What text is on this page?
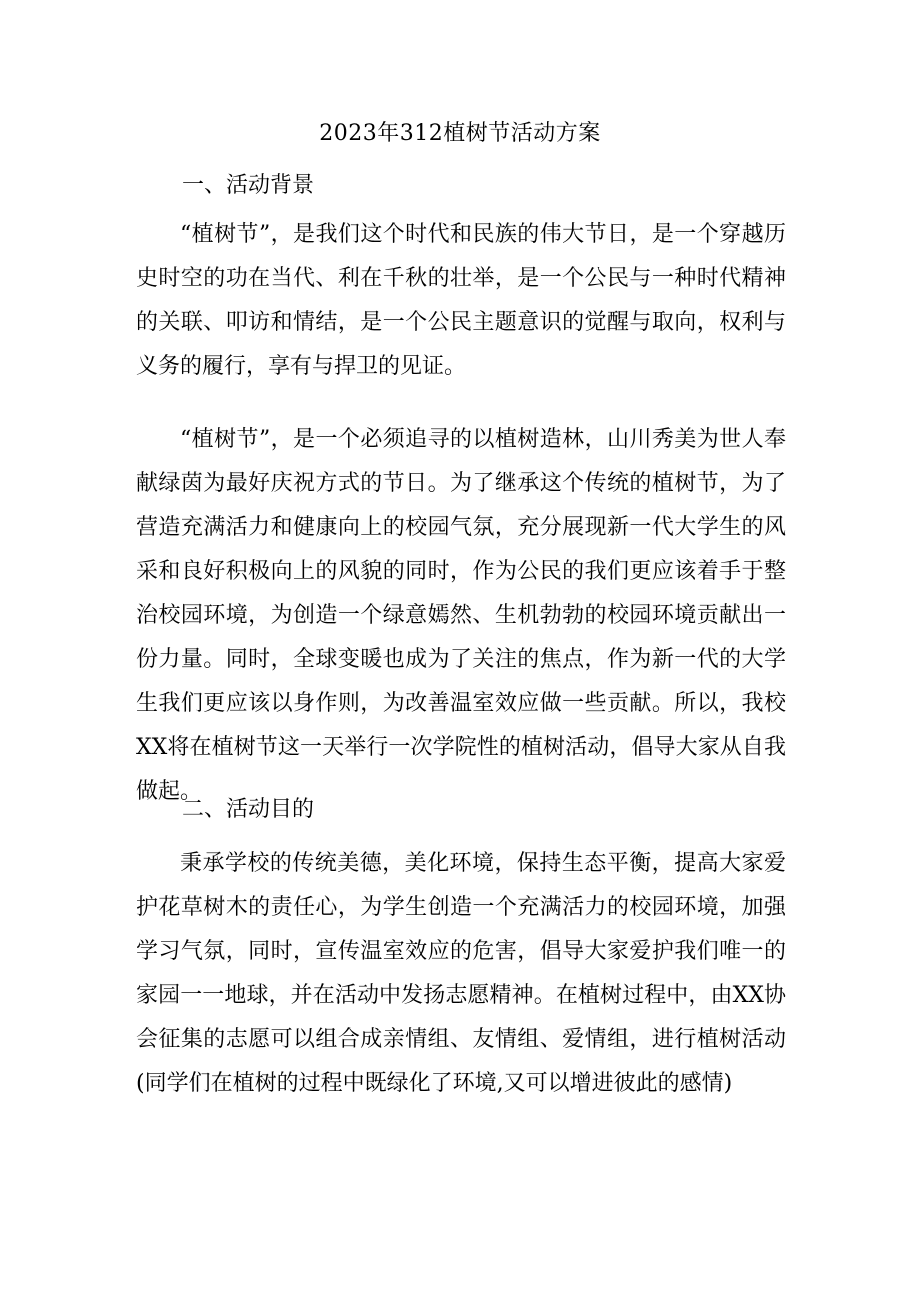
2023年312植树节活动方案
一、活动背景

“植树节”，是我们这个时代和民族的伟大节日，是一个穿越历史时空的功在当代、利在千秋的壮举，是一个公民与一种时代精神的关联、叩访和情结，是一个公民主题意识的觉醒与取向，权利与义务的履行，享有与捍卫的见证。

“植树节”，是一个必须追寻的以植树造林，山川秀美为世人奉献绿茵为最好庆祝方式的节日。为了继承这个传统的植树节，为了营造充满活力和健康向上的校园气氛，充分展现新一代大学生的风采和良好积极向上的风貌的同时，作为公民的我们更应该着手于整治校园环境，为创造一个绿意嫣然、生机勃勃的校园环境贡献出一份力量。同时，全球变暖也成为了关注的焦点，作为新一代的大学生我们更应该以身作则，为改善温室效应做一些贡献。所以，我校XX将在植树节这一天举行一次学院性的植树活动，倡导大家从自我做起。

二、活动目的

秉承学校的传统美德，美化环境，保持生态平衡，提高大家爱护花草树木的责任心，为学生创造一个充满活力的校园环境，加强学习气氛，同时，宣传温室效应的危害，倡导大家爱护我们唯一的家园一一地球，并在活动中发扬志愿精神。在植树过程中，由XX协会征集的志愿可以组合成亲情组、友情组、爱情组，进行植树活动(同学们在植树的过程中既绿化了环境,又可以增进彼此的感情)
